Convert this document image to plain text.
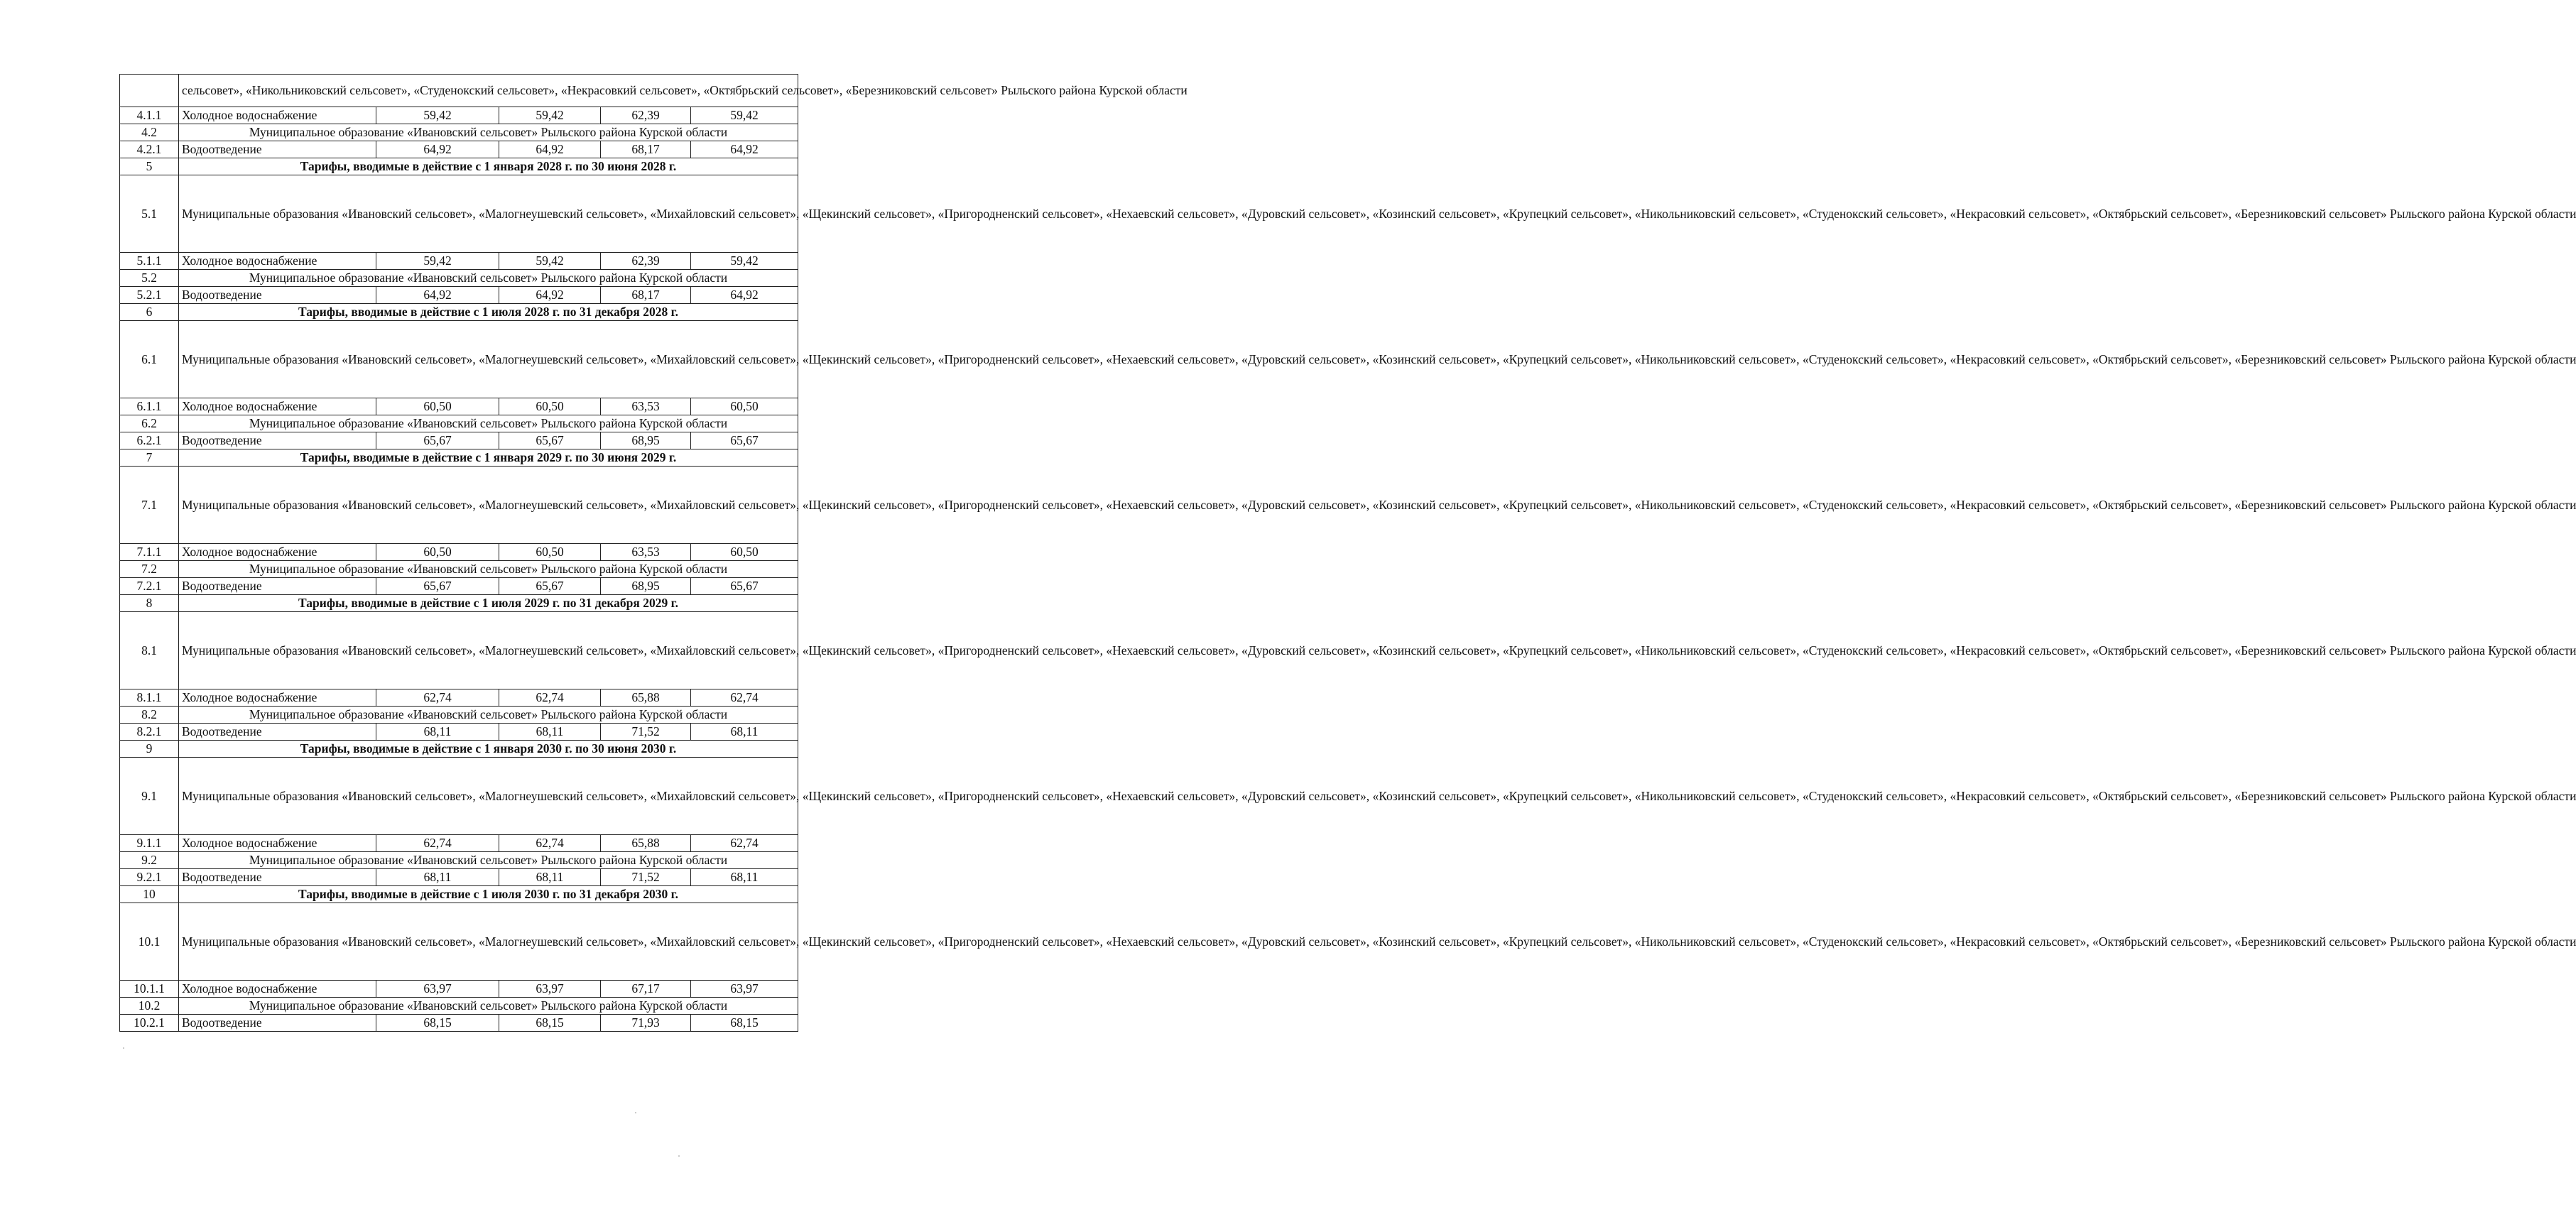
	сельсовет», «Никольниковский сельсовет», «Студенокский сельсовет», «Некрасовкий сельсовет», «Октябрьский сельсовет», «Березниковский сельсовет» Рыльского района Курской области				
4.1.1	Холодное водоснабжение	59,42	59,42	62,39	59,42
4.2	Муниципальное образование «Ивановский сельсовет» Рыльского района Курской области				
4.2.1	Водоотведение	64,92	64,92	68,17	64,92
5	Тарифы, вводимые в действие с 1 января 2028 г. по 30 июня 2028 г.				
5.1	Муниципальные образования «Ивановский сельсовет», «Малогнеушевский сельсовет», «Михайловский сельсовет», «Щекинский сельсовет», «Пригородненский сельсовет», «Нехаевский сельсовет», «Дуровский сельсовет», «Козинский сельсовет», «Крупецкий сельсовет», «Никольниковский сельсовет», «Студенокский сельсовет», «Некрасовкий сельсовет», «Октябрьский сельсовет», «Березниковский сельсовет» Рыльского района Курской области				
5.1.1	Холодное водоснабжение	59,42	59,42	62,39	59,42
5.2	Муниципальное образование «Ивановский сельсовет» Рыльского района Курской области				
5.2.1	Водоотведение	64,92	64,92	68,17	64,92
6	Тарифы, вводимые в действие с 1 июля 2028 г. по 31 декабря 2028 г.				
6.1	Муниципальные образования «Ивановский сельсовет», «Малогнеушевский сельсовет», «Михайловский сельсовет», «Щекинский сельсовет», «Пригородненский сельсовет», «Нехаевский сельсовет», «Дуровский сельсовет», «Козинский сельсовет», «Крупецкий сельсовет», «Никольниковский сельсовет», «Студенокский сельсовет», «Некрасовкий сельсовет», «Октябрьский сельсовет», «Березниковский сельсовет» Рыльского района Курской области				
6.1.1	Холодное водоснабжение	60,50	60,50	63,53	60,50
6.2	Муниципальное образование «Ивановский сельсовет» Рыльского района Курской области				
6.2.1	Водоотведение	65,67	65,67	68,95	65,67
7	Тарифы, вводимые в действие с 1 января 2029 г. по 30 июня 2029 г.				
7.1	Муниципальные образования «Ивановский сельсовет», «Малогнеушевский сельсовет», «Михайловский сельсовет», «Щекинский сельсовет», «Пригородненский сельсовет», «Нехаевский сельсовет», «Дуровский сельсовет», «Козинский сельсовет», «Крупецкий сельсовет», «Никольниковский сельсовет», «Студенокский сельсовет», «Некрасовкий сельсовет», «Октябрьский сельсовет», «Березниковский сельсовет» Рыльского района Курской области				
7.1.1	Холодное водоснабжение	60,50	60,50	63,53	60,50
7.2	Муниципальное образование «Ивановский сельсовет» Рыльского района Курской области				
7.2.1	Водоотведение	65,67	65,67	68,95	65,67
8	Тарифы, вводимые в действие с 1 июля 2029 г. по 31 декабря 2029 г.				
8.1	Муниципальные образования «Ивановский сельсовет», «Малогнеушевский сельсовет», «Михайловский сельсовет», «Щекинский сельсовет», «Пригородненский сельсовет», «Нехаевский сельсовет», «Дуровский сельсовет», «Козинский сельсовет», «Крупецкий сельсовет», «Никольниковский сельсовет», «Студенокский сельсовет», «Некрасовкий сельсовет», «Октябрьский сельсовет», «Березниковский сельсовет» Рыльского района Курской области				
8.1.1	Холодное водоснабжение	62,74	62,74	65,88	62,74
8.2	Муниципальное образование «Ивановский сельсовет» Рыльского района Курской области				
8.2.1	Водоотведение	68,11	68,11	71,52	68,11
9	Тарифы, вводимые в действие с 1 января 2030 г. по 30 июня 2030 г.				
9.1	Муниципальные образования «Ивановский сельсовет», «Малогнеушевский сельсовет», «Михайловский сельсовет», «Щекинский сельсовет», «Пригородненский сельсовет», «Нехаевский сельсовет», «Дуровский сельсовет», «Козинский сельсовет», «Крупецкий сельсовет», «Никольниковский сельсовет», «Студенокский сельсовет», «Некрасовкий сельсовет», «Октябрьский сельсовет», «Березниковский сельсовет» Рыльского района Курской области				
9.1.1	Холодное водоснабжение	62,74	62,74	65,88	62,74
9.2	Муниципальное образование «Ивановский сельсовет» Рыльского района Курской области				
9.2.1	Водоотведение	68,11	68,11	71,52	68,11
10	Тарифы, вводимые в действие с 1 июля 2030 г. по 31 декабря 2030 г.				
10.1	Муниципальные образования «Ивановский сельсовет», «Малогнеушевский сельсовет», «Михайловский сельсовет», «Щекинский сельсовет», «Пригородненский сельсовет», «Нехаевский сельсовет», «Дуровский сельсовет», «Козинский сельсовет», «Крупецкий сельсовет», «Никольниковский сельсовет», «Студенокский сельсовет», «Некрасовкий сельсовет», «Октябрьский сельсовет», «Березниковский сельсовет» Рыльского района Курской области				
10.1.1	Холодное водоснабжение	63,97	63,97	67,17	63,97
10.2	Муниципальное образование «Ивановский сельсовет» Рыльского района Курской области				
10.2.1	Водоотведение	68,15	68,15	71,93	68,15
